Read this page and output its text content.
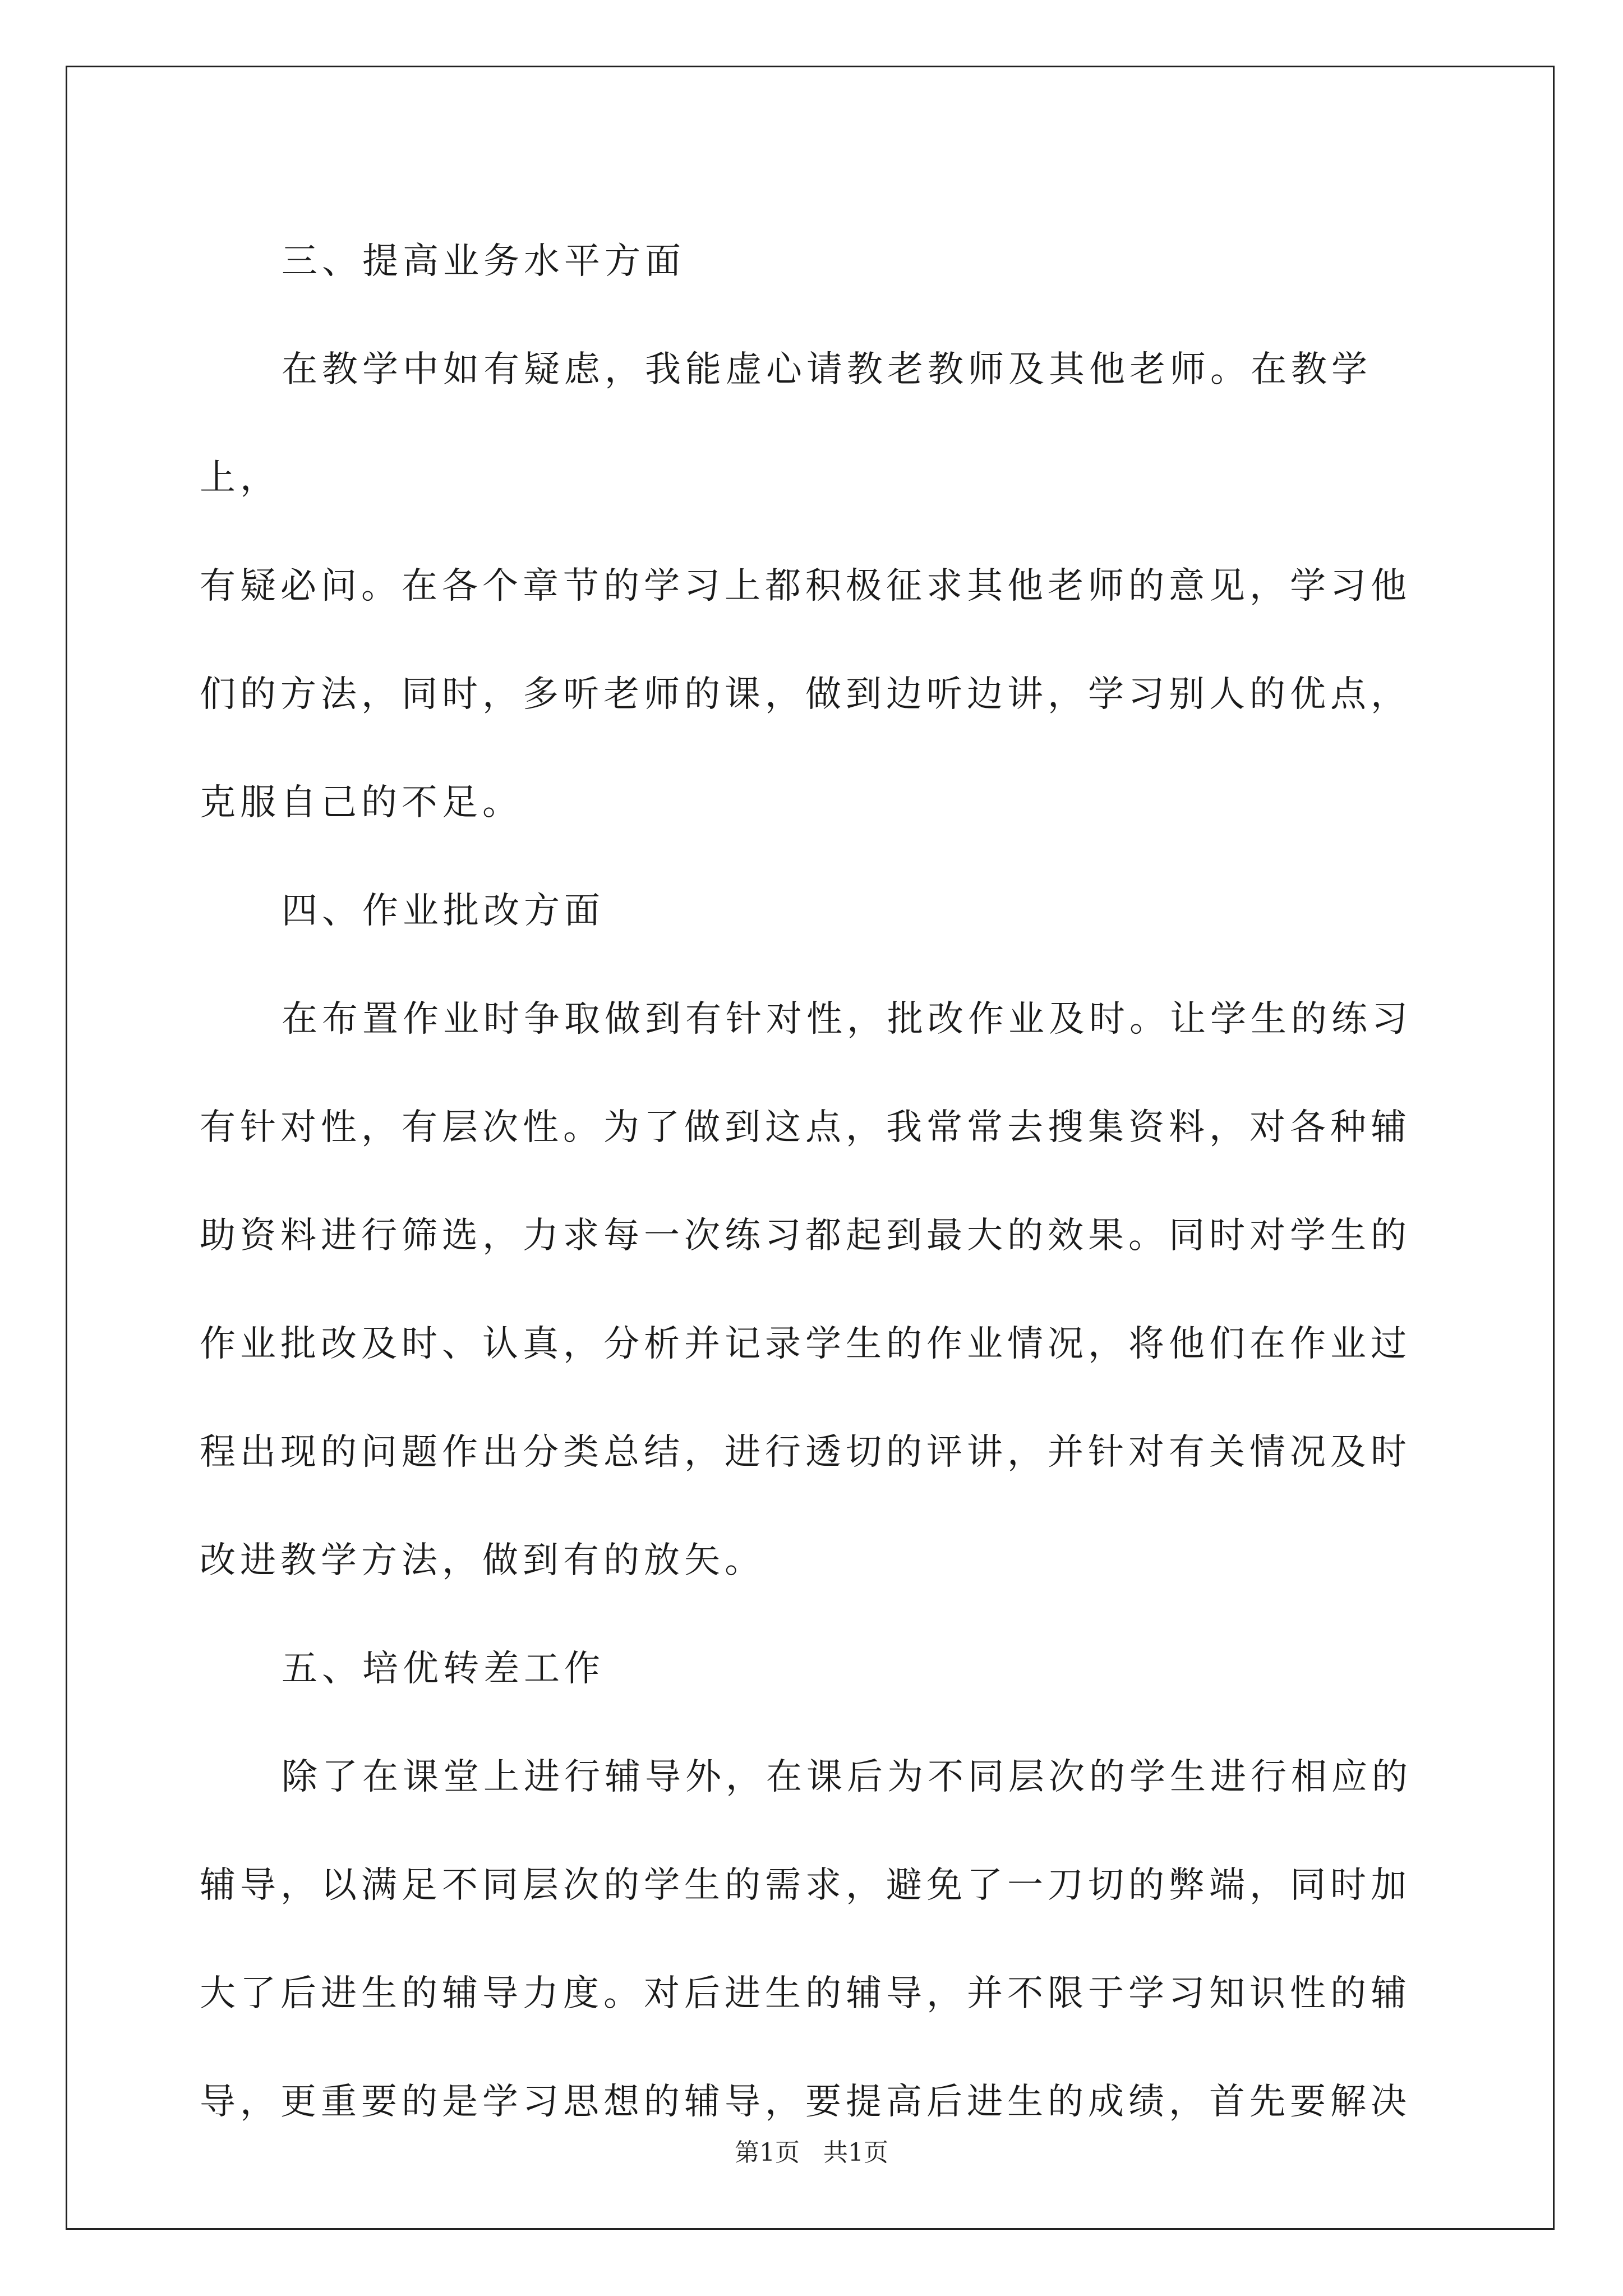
三、提高业务水平方面

在教学中如有疑虑，我能虚心请教老教师及其他老师。在教学上，
有疑必问。在各个章节的学习上都积极征求其他老师的意见，学习他
们的方法，同时，多听老师的课，做到边听边讲，学习别人的优点，
克服自己的不足。

四、作业批改方面

在布置作业时争取做到有针对性，批改作业及时。让学生的练习
有针对性，有层次性。为了做到这点，我常常去搜集资料，对各种辅
助资料进行筛选，力求每一次练习都起到最大的效果。同时对学生的
作业批改及时、认真，分析并记录学生的作业情况，将他们在作业过
程出现的问题作出分类总结，进行透切的评讲，并针对有关情况及时
改进教学方法，做到有的放矢。

五、培优转差工作

除了在课堂上进行辅导外，在课后为不同层次的学生进行相应的
辅导，以满足不同层次的学生的需求，避免了一刀切的弊端，同时加
大了后进生的辅导力度。对后进生的辅导，并不限于学习知识性的辅
导，更重要的是学习思想的辅导，要提高后进生的成绩，首先要解决

第1页 共1页
